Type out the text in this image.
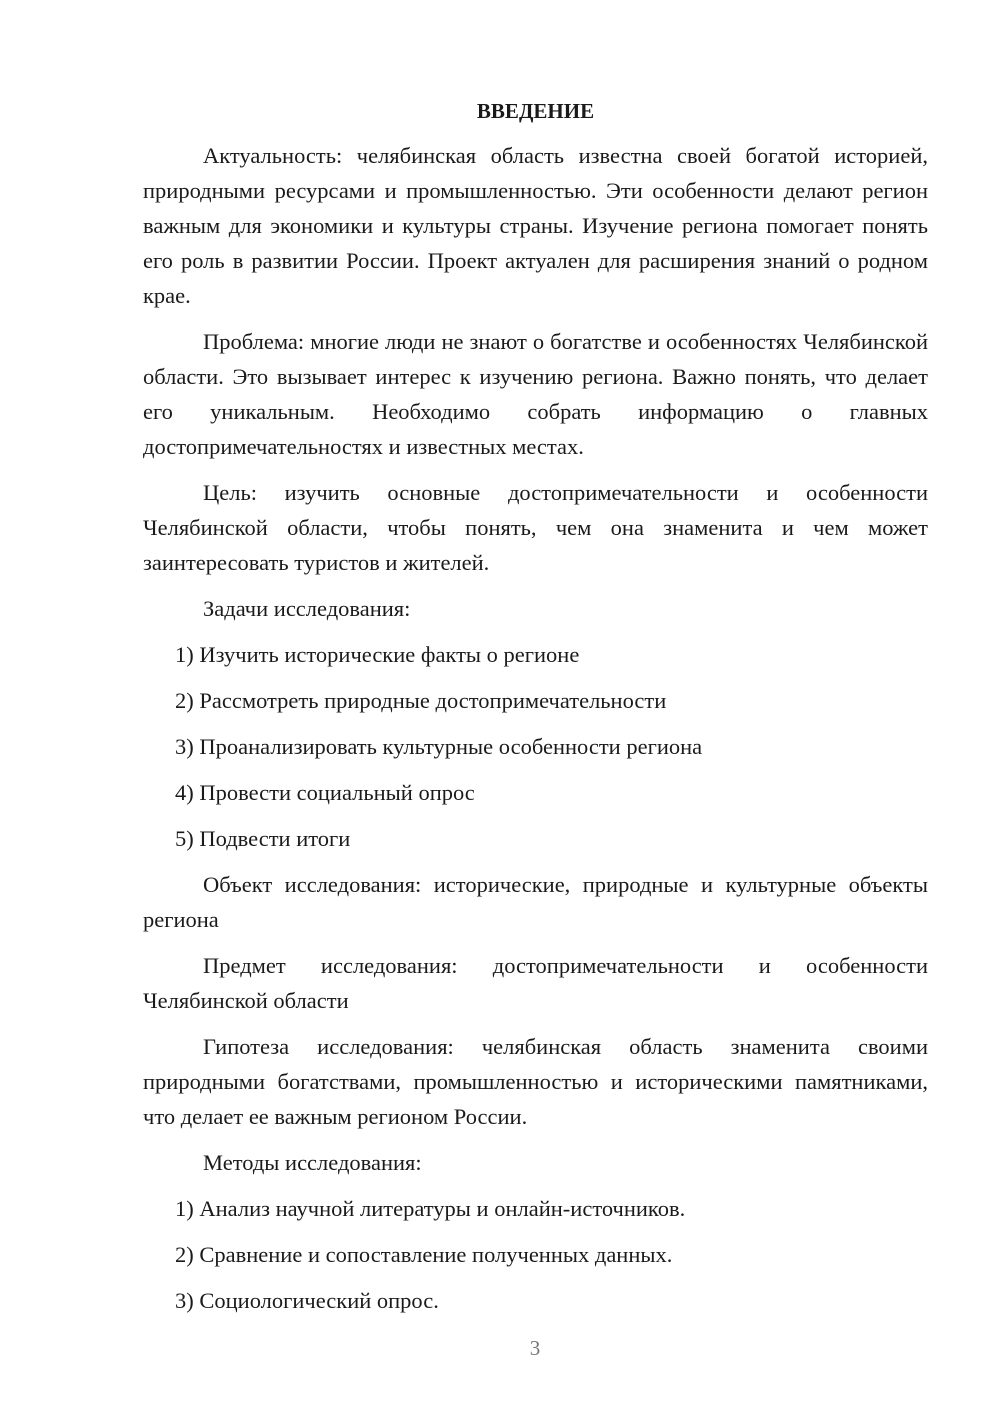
ВВЕДЕНИЕ

Актуальность: челябинская область известна своей богатой историей, природными ресурсами и промышленностью. Эти особенности делают регион важным для экономики и культуры страны. Изучение региона помогает понять его роль в развитии России. Проект актуален для расширения знаний о родном крае.

Проблема: многие люди не знают о богатстве и особенностях Челябинской области. Это вызывает интерес к изучению региона. Важно понять, что делает его уникальным. Необходимо собрать информацию о главных достопримечательностях и известных местах.

Цель: изучить основные достопримечательности и особенности Челябинской области, чтобы понять, чем она знаменита и чем может заинтересовать туристов и жителей.

Задачи исследования:

1) Изучить исторические факты о регионе
2) Рассмотреть природные достопримечательности
3) Проанализировать культурные особенности региона
4) Провести социальный опрос
5) Подвести итоги

Объект исследования: исторические, природные и культурные объекты региона

Предмет исследования: достопримечательности и особенности Челябинской области

Гипотеза исследования: челябинская область знаменита своими природными богатствами, промышленностью и историческими памятниками, что делает ее важным регионом России.

Методы исследования:

1) Анализ научной литературы и онлайн-источников.
2) Сравнение и сопоставление полученных данных.
3) Социологический опрос.
3
